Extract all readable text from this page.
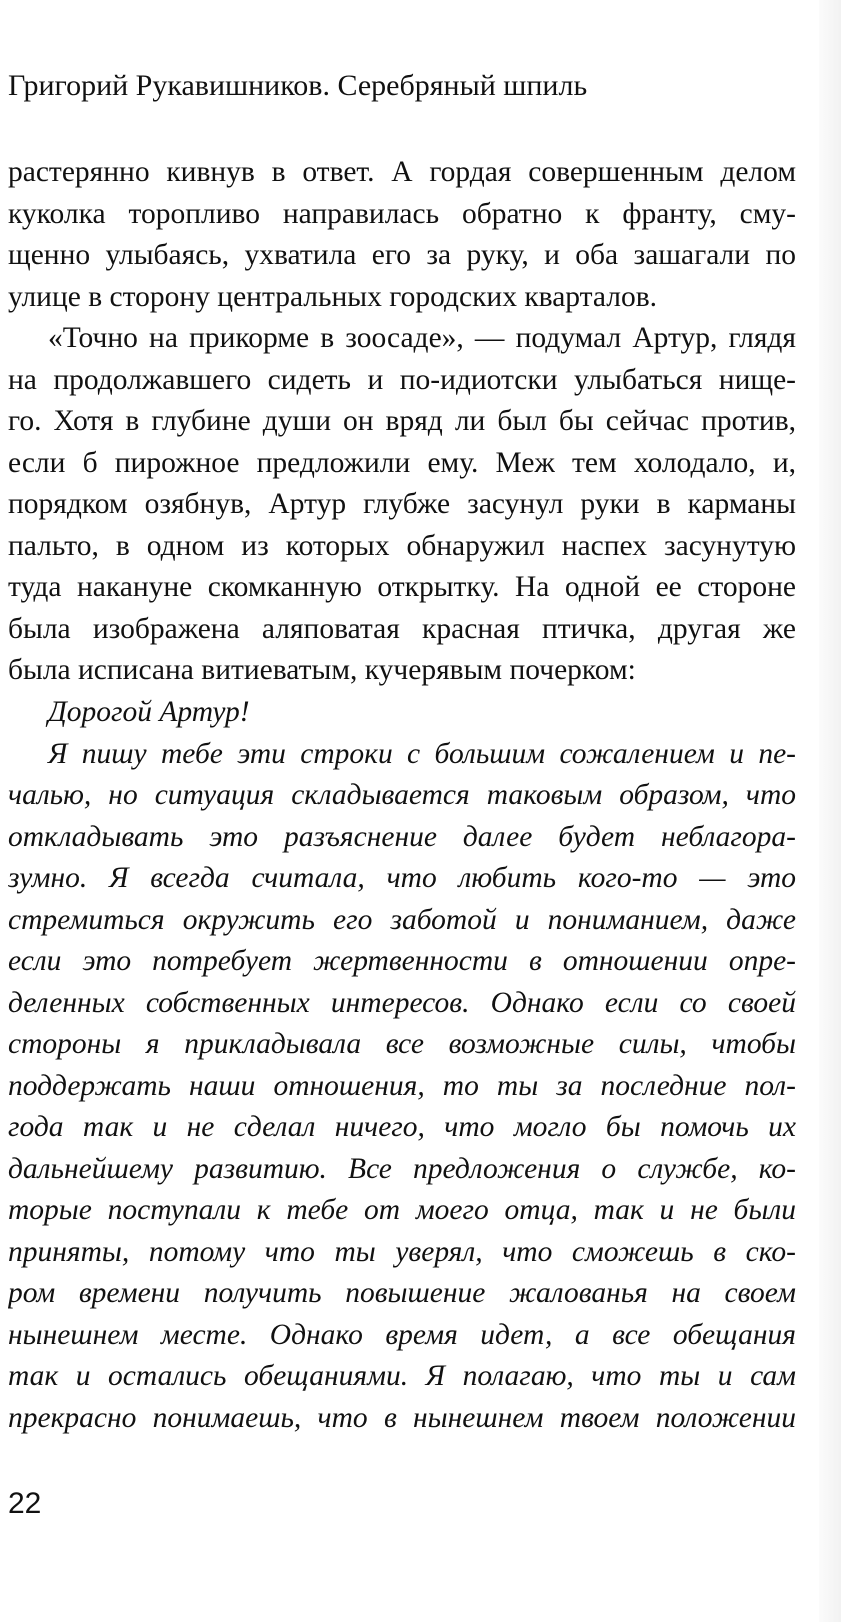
Григорий Рукавишников. Серебряный шпиль
растерянно кивнув в ответ. А гордая совершенным делом
куколка торопливо направилась обратно к франту, сму-
щенно улыбаясь, ухватила его за руку, и оба зашагали по
улице в сторону центральных городских кварталов.
«Точно на прикорме в зоосаде», — подумал Артур, глядя
на продолжавшего сидеть и по-идиотски улыбаться нище-
го. Хотя в глубине души он вряд ли был бы сейчас против,
если б пирожное предложили ему. Меж тем холодало, и,
порядком озябнув, Артур глубже засунул руки в карманы
пальто, в одном из которых обнаружил наспех засунутую
туда накануне скомканную открытку. На одной ее стороне
была изображена аляповатая красная птичка, другая же
была исписана витиеватым, кучерявым почерком:
Дорогой Артур!
Я пишу тебе эти строки с большим сожалением и пе-
чалью, но ситуация складывается таковым образом, что
откладывать это разъяснение далее будет неблагора-
зумно. Я всегда считала, что любить кого-то — это
стремиться окружить его заботой и пониманием, даже
если это потребует жертвенности в отношении опре-
деленных собственных интересов. Однако если со своей
стороны я прикладывала все возможные силы, чтобы
поддержать наши отношения, то ты за последние пол-
года так и не сделал ничего, что могло бы помочь их
дальнейшему развитию. Все предложения о службе, ко-
торые поступали к тебе от моего отца, так и не были
приняты, потому что ты уверял, что сможешь в ско-
ром времени получить повышение жалованья на своем
нынешнем месте. Однако время идет, а все обещания
так и остались обещаниями. Я полагаю, что ты и сам
прекрасно понимаешь, что в нынешнем твоем положении
22
